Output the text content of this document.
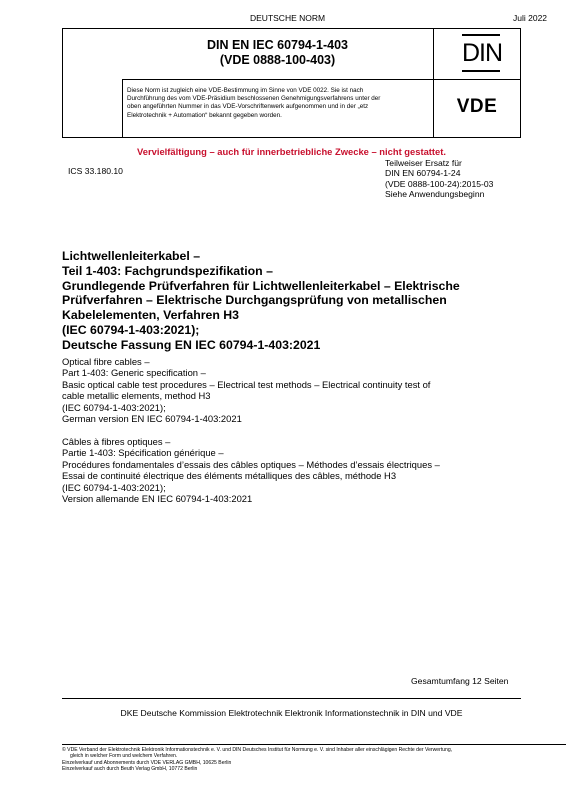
DEUTSCHE NORM	Juli 2022
DIN EN IEC 60794-1-403
(VDE 0888-100-403)	DIN
Diese Norm ist zugleich eine VDE-Bestimmung im Sinne von VDE 0022. Sie ist nach
Durchführung des vom VDE-Präsidium beschlossenen Genehmigungsverfahrens unter der
oben angeführten Nummer in das VDE-Vorschriftenwerk aufgenommen und in der „etz
Elektrotechnik + Automation“ bekannt gegeben worden.	VDE
Vervielfältigung – auch für innerbetriebliche Zwecke – nicht gestattet.
ICS 33.180.10
Teilweiser Ersatz für
DIN EN 60794-1-24
(VDE 0888-100-24):2015-03
Siehe Anwendungsbeginn
Lichtwellenleiterkabel –
Teil 1-403: Fachgrundspezifikation –
Grundlegende Prüfverfahren für Lichtwellenleiterkabel – Elektrische
Prüfverfahren – Elektrische Durchgangsprüfung von metallischen
Kabelelementen, Verfahren H3
(IEC 60794-1-403:2021);
Deutsche Fassung EN IEC 60794-1-403:2021
Optical fibre cables –
Part 1-403: Generic specification –
Basic optical cable test procedures – Electrical test methods – Electrical continuity test of
cable metallic elements, method H3
(IEC 60794-1-403:2021);
German version EN IEC 60794-1-403:2021
Câbles à fibres optiques –
Partie 1-403: Spécification générique –
Procédures fondamentales d’essais des câbles optiques – Méthodes d’essais électriques –
Essai de continuité électrique des éléments métalliques des câbles, méthode H3
(IEC 60794-1-403:2021);
Version allemande EN IEC 60794-1-403:2021
Gesamtumfang 12 Seiten
DKE Deutsche Kommission Elektrotechnik Elektronik Informationstechnik in DIN und VDE
© VDE Verband der Elektrotechnik Elektronik Informationstechnik e. V. und DIN Deutsches Institut für Normung e. V. sind Inhaber aller einschlägigen Rechte der Verwertung,
gleich in welcher Form und welchem Verfahren.
Einzelverkauf und Abonnements durch VDE VERLAG GMBH, 10625 Berlin
Einzelverkauf auch durch Beuth Verlag GmbH, 10772 Berlin
